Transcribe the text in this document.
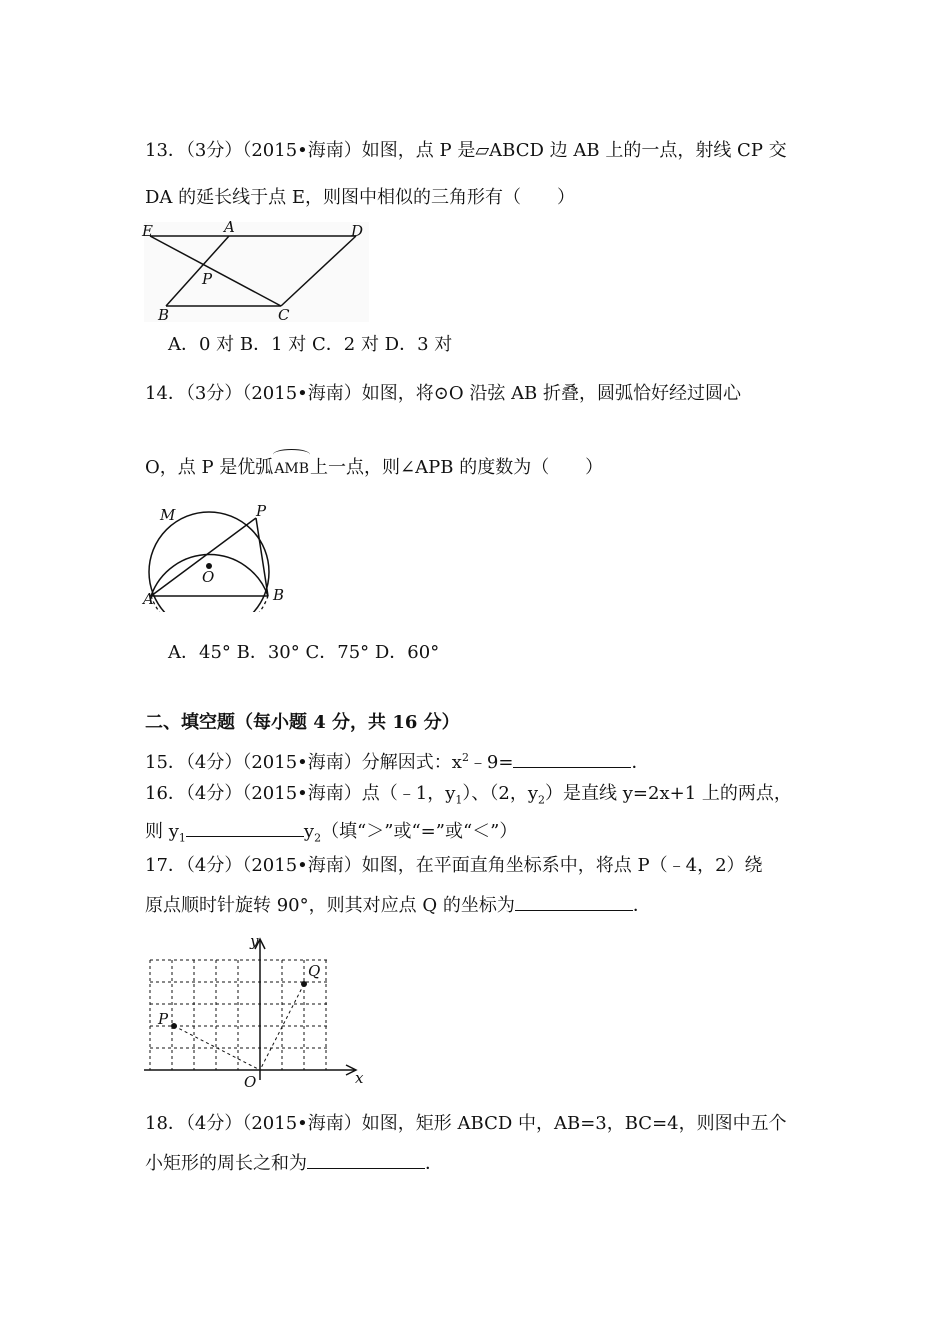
13．（3分）（2015•海南）如图，点 P 是▱ABCD 边 AB 上的一点，射线 CP 交
DA 的延长线于点 E，则图中相似的三角形有（　　）
E	A	D
P
B	C
A．0 对 B．1 对 C．2 对 D．3 对
14．（3分）（2015•海南）如图，将⊙O 沿弦 AB 折叠，圆弧恰好经过圆心
O，点 P 是优弧AMB上一点，则∠APB 的度数为（　　）
M	P
O
A	B
A．45° B．30° C．75° D．60°
二、填空题（每小题 4 分，共 16 分）
15．（4分）（2015•海南）分解因式：$x^2﹣9=$	．
16．（4分）（2015•海南）点（﹣1，$y_1$）、（2，$y_2$）是直线 y=2x+1 上的两点，
则 $y_1$	$y_2$（填“＞”或“=”或“＜”）
17．（4分）（2015•海南）如图，在平面直角坐标系中，将点 P（﹣4，2）绕
原点顺时针旋转 90°，则其对应点 Q 的坐标为	．
y
x
O
P
Q
18．（4分）（2015•海南）如图，矩形 ABCD 中，AB=3，BC=4，则图中五个
小矩形的周长之和为	．
